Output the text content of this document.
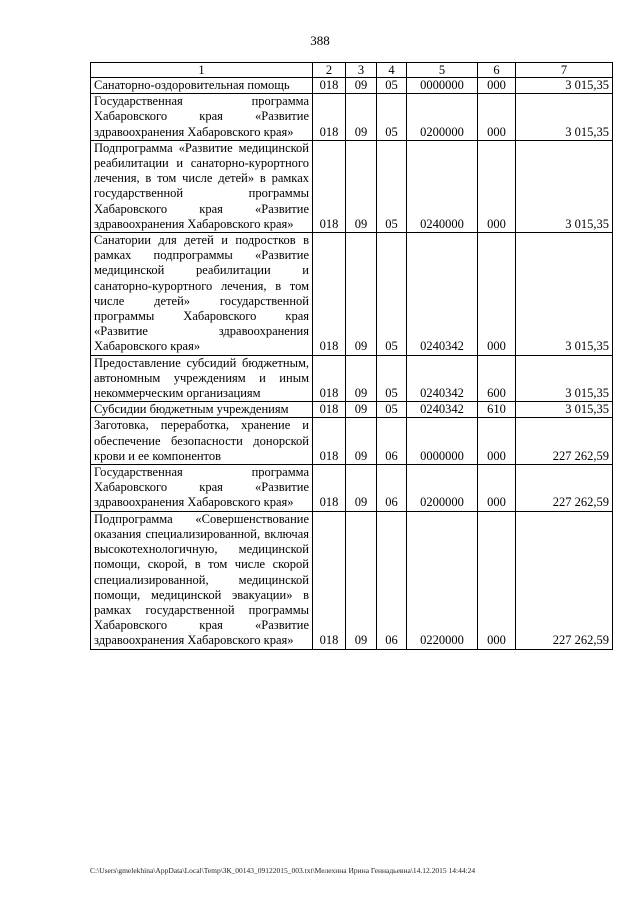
388
1	2	3	4	5	6	7
Санаторно-оздоровительная помощь	018	09	05	0000000	000	3 015,35
Государственная программа Хабаровского края «Развитие здравоохранения Хабаровского края»	018	09	05	0200000	000	3 015,35
Подпрограмма «Развитие медицинской реабилитации и санаторно-курортного лечения, в том числе детей» в рамках государственной программы Хабаровского края «Развитие здравоохранения Хабаровского края»	018	09	05	0240000	000	3 015,35
Санатории для детей и подростков в рамках подпрограммы «Развитие медицинской реабилитации и санаторно-курортного лечения, в том числе детей» государственной программы Хабаровского края «Развитие здравоохранения Хабаровского края»	018	09	05	0240342	000	3 015,35
Предоставление субсидий бюджетным, автономным учреждениям и иным некоммерческим организациям	018	09	05	0240342	600	3 015,35
Субсидии бюджетным учреждениям	018	09	05	0240342	610	3 015,35
Заготовка, переработка, хранение и обеспечение безопасности донорской крови и ее компонентов	018	09	06	0000000	000	227 262,59
Государственная программа Хабаровского края «Развитие здравоохранения Хабаровского края»	018	09	06	0200000	000	227 262,59
Подпрограмма «Совершенствование оказания специализированной, включая высокотехнологичную, медицинской помощи, скорой, в том числе скорой специализированной, медицинской помощи, медицинской эвакуации» в рамках государственной программы Хабаровского края «Развитие здравоохранения Хабаровского края»	018	09	06	0220000	000	227 262,59
C:\Users\gmelekhina\AppData\Local\Temp\ЗК_00143_09122015_003.txt\Мелехина Ирина Геннадьевна\14.12.2015 14:44:24
